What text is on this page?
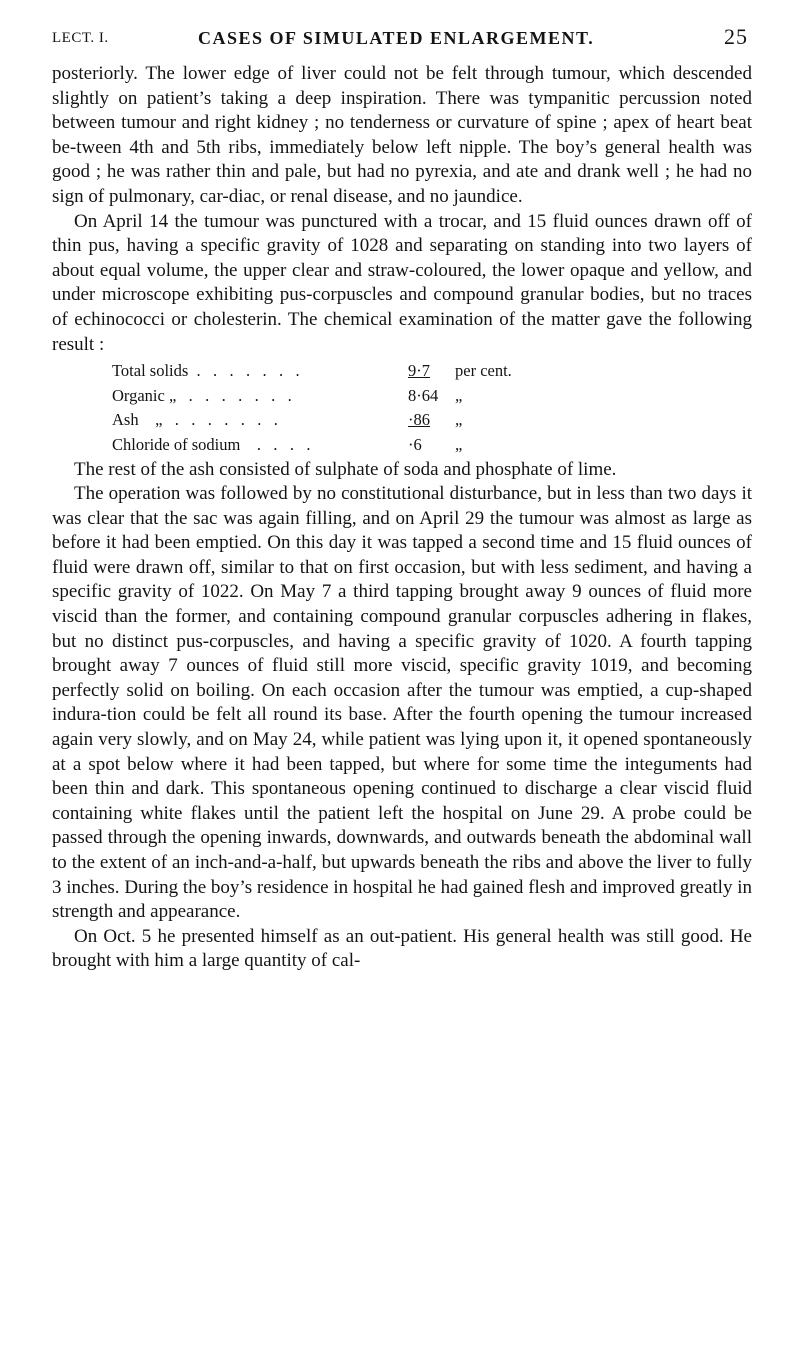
LECT. I.	CASES OF SIMULATED ENLARGEMENT.	25

posteriorly. The lower edge of liver could not be felt through tumour, which descended slightly on patient’s taking a deep inspiration. There was tympanitic percussion noted between tumour and right kidney ; no tenderness or curvature of spine ; apex of heart beat be-tween 4th and 5th ribs, immediately below left nipple. The boy’s general health was good ; he was rather thin and pale, but had no pyrexia, and ate and drank well ; he had no sign of pulmonary, car-diac, or renal disease, and no jaundice.

On April 14 the tumour was punctured with a trocar, and 15 fluid ounces drawn off of thin pus, having a specific gravity of 1028 and separating on standing into two layers of about equal volume, the upper clear and straw-coloured, the lower opaque and yellow, and under microscope exhibiting pus-corpuscles and compound granular bodies, but no traces of echinococci or cholesterin. The chemical examination of the matter gave the following result :

Total solids  .   .   .   .   .   .   .	9·7	per cent.
Organic „   .   .   .   .   .   .   .	8·64	„
Ash    „   .   .   .   .   .   .   .	·86	„
Chloride of sodium    .   .   .   .	·6	„

The rest of the ash consisted of sulphate of soda and phosphate of lime.

The operation was followed by no constitutional disturbance, but in less than two days it was clear that the sac was again filling, and on April 29 the tumour was almost as large as before it had been emptied. On this day it was tapped a second time and 15 fluid ounces of fluid were drawn off, similar to that on first occasion, but with less sediment, and having a specific gravity of 1022. On May 7 a third tapping brought away 9 ounces of fluid more viscid than the former, and containing compound granular corpuscles adhering in flakes, but no distinct pus-corpuscles, and having a specific gravity of 1020. A fourth tapping brought away 7 ounces of fluid still more viscid, specific gravity 1019, and becoming perfectly solid on boiling. On each occasion after the tumour was emptied, a cup-shaped indura-tion could be felt all round its base. After the fourth opening the tumour increased again very slowly, and on May 24, while patient was lying upon it, it opened spontaneously at a spot below where it had been tapped, but where for some time the integuments had been thin and dark. This spontaneous opening continued to discharge a clear viscid fluid containing white flakes until the patient left the hospital on June 29. A probe could be passed through the opening inwards, downwards, and outwards beneath the abdominal wall to the extent of an inch-and-a-half, but upwards beneath the ribs and above the liver to fully 3 inches. During the boy’s residence in hospital he had gained flesh and improved greatly in strength and appearance.

On Oct. 5 he presented himself as an out-patient. His general health was still good. He brought with him a large quantity of cal-
